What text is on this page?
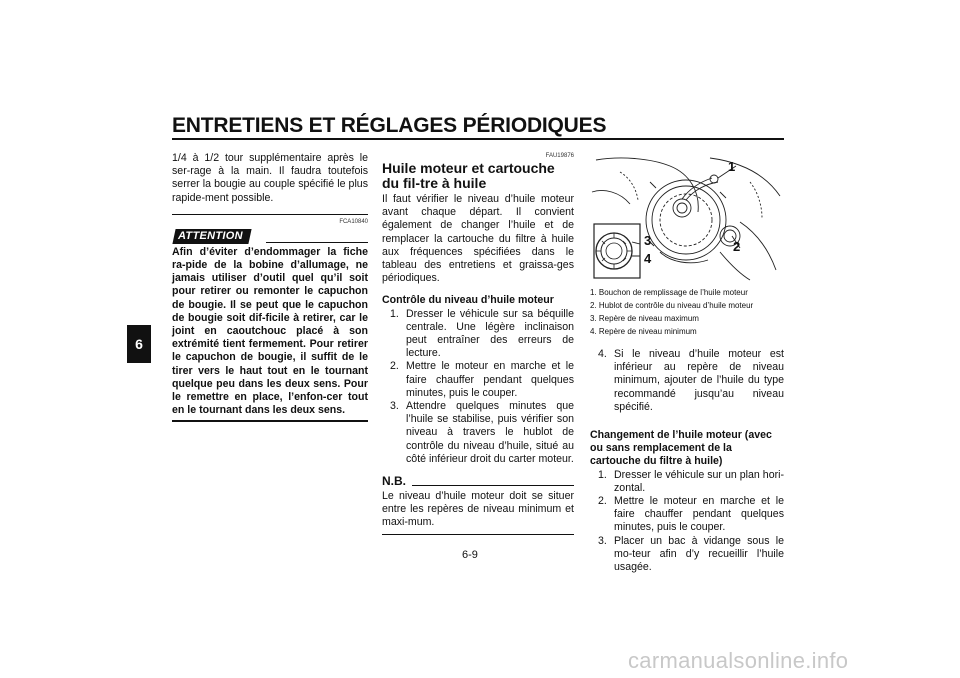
ENTRETIENS ET RÉGLAGES PÉRIODIQUES
6

1/4 à 1/2 tour supplémentaire après le ser-rage à la main. Il faudra toutefois serrer la bougie au couple spécifié le plus rapide-ment possible.

FCA10840
ATTENTION

Afin d’éviter d’endommager la fiche ra-pide de la bobine d’allumage, ne jamais utiliser d’outil quel qu’il soit pour retirer ou remonter le capuchon de bougie. Il se peut que le capuchon de bougie soit dif-ficile à retirer, car le joint en caoutchouc placé à son extrémité tient fermement. Pour retirer le capuchon de bougie, il suffit de le tirer vers le haut tout en le tournant quelque peu dans les deux sens. Pour le remettre en place, l’enfon-cer tout en le tournant dans les deux sens.

FAU19876
Huile moteur et cartouche du fil-tre à huile

Il faut vérifier le niveau d’huile moteur avant chaque départ. Il convient également de changer l’huile et de remplacer la cartouche du filtre à huile aux fréquences spécifiées dans le tableau des entretiens et graissa-ges périodiques.

Contrôle du niveau d’huile moteur
1. Dresser le véhicule sur sa béquille centrale. Une légère inclinaison peut entraîner des erreurs de lecture.
2. Mettre le moteur en marche et le faire chauffer pendant quelques minutes, puis le couper.
3. Attendre quelques minutes que l’huile se stabilise, puis vérifier son niveau à travers le hublot de contrôle du niveau d’huile, situé au côté inférieur droit du carter moteur.
N.B.

Le niveau d’huile moteur doit se situer entre les repères de niveau minimum et maxi-mum.

1
2
3
4
1. Bouchon de remplissage de l’huile moteur
2. Hublot de contrôle du niveau d’huile moteur
3. Repère de niveau maximum
4. Repère de niveau minimum
4. Si le niveau d’huile moteur est inférieur au repère de niveau minimum, ajouter de l’huile du type recommandé jusqu’au niveau spécifié.
Changement de l’huile moteur (avec ou sans remplacement de la cartouche du filtre à huile)
1. Dresser le véhicule sur un plan hori-zontal.
2. Mettre le moteur en marche et le faire chauffer pendant quelques minutes, puis le couper.
3. Placer un bac à vidange sous le mo-teur afin d’y recueillir l’huile usagée.
6-9
carmanualsonline.info
